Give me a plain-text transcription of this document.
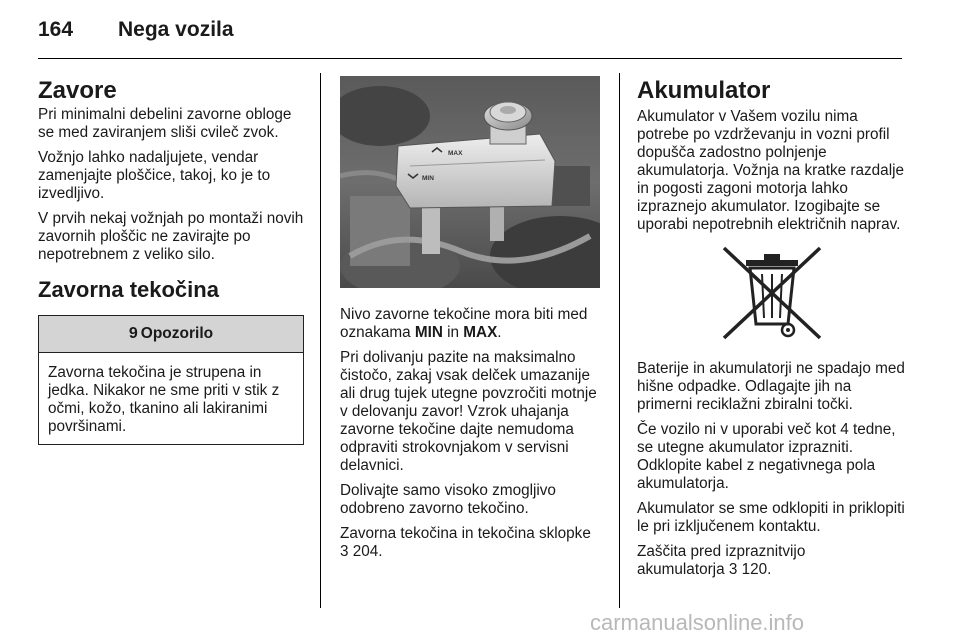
164 Nega vozila
Zavore

Pri minimalni debelini zavorne obloge se med zaviranjem sliši cvileč zvok.

Vožnjo lahko nadaljujete, vendar zamenjajte ploščice, takoj, ko je to izvedljivo.

V prvih nekaj vožnjah po montaži novih zavornih ploščic ne zavirajte po nepotrebnem z veliko silo.

Zavorna tekočina
9 Opozorilo
Zavorna tekočina je strupena in jedka. Nikakor ne sme priti v stik z očmi, kožo, tkanino ali lakiranimi površinami.
MAX
MIN

Nivo zavorne tekočine mora biti med oznakama MIN in MAX.

Pri dolivanju pazite na maksimalno čistočo, zakaj vsak delček umazanije ali drug tujek utegne povzročiti motnje v delovanju zavor! Vzrok uhajanja zavorne tekočine dajte nemudoma odpraviti strokovnjakom v servisni delavnici.

Dolivajte samo visoko zmogljivo odobreno zavorno tekočino.

Zavorna tekočina in tekočina sklopke
3 204.

Akumulator

Akumulator v Vašem vozilu nima potrebe po vzdrževanju in vozni profil dopušča zadostno polnjenje akumulatorja. Vožnja na kratke razdalje in pogosti zagoni motorja lahko izpraznejo akumulator. Izogibajte se uporabi nepotrebnih električnih naprav.

Baterije in akumulatorji ne spadajo med hišne odpadke. Odlagajte jih na primerni reciklažni zbiralni točki.

Če vozilo ni v uporabi več kot 4 tedne, se utegne akumulator izprazniti. Odklopite kabel z negativnega pola akumulatorja.

Akumulator se sme odklopiti in priklopiti le pri izključenem kontaktu.

Zaščita pred izpraznitvijo
akumulatorja 3 120.

carmanualsonline.info
